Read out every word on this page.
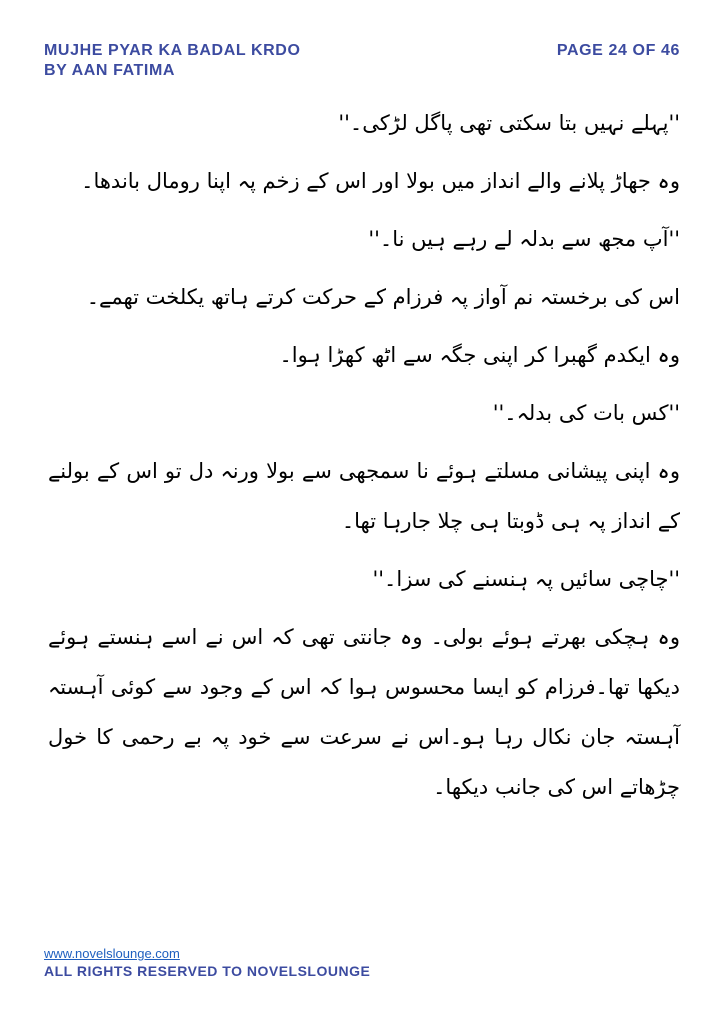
MUJHE PYAR KA BADAL KRDO
BY AAN FATIMA
PAGE 24 OF 46

''پہلے نہیں بتا سکتی تھی پاگل لڑکی۔''

وہ جھاڑ پلانے والے انداز میں بولا اور اس کے زخم پہ اپنا رومال باندھا۔

''آپ مجھ سے بدلہ لے رہے ہیں نا۔''

اس کی برخستہ نم آواز پہ فرزام کے حرکت کرتے ہاتھ یکلخت تھمے۔

وہ ایکدم گھبرا کر اپنی جگہ سے اٹھ کھڑا ہوا۔

''کس بات کی بدلہ۔''

وہ اپنی پیشانی مسلتے ہوئے نا سمجھی سے بولا ورنہ دل تو اس کے بولنے کے انداز پہ ہی ڈوبتا ہی چلا جارہا تھا۔

''چاچی سائیں پہ ہنسنے کی سزا۔''

وہ ہچکی بھرتے ہوئے بولی۔ وہ جانتی تھی کہ اس نے اسے ہنستے ہوئے دیکھا تھا۔فرزام کو ایسا محسوس ہوا کہ اس کے وجود سے کوئی آہستہ آہستہ جان نکال رہا ہو۔اس نے سرعت سے خود پہ بے رحمی کا خول چڑھاتے اس کی جانب دیکھا۔

www.novelslounge.com
ALL RIGHTS RESERVED TO NOVELSLOUNGE
